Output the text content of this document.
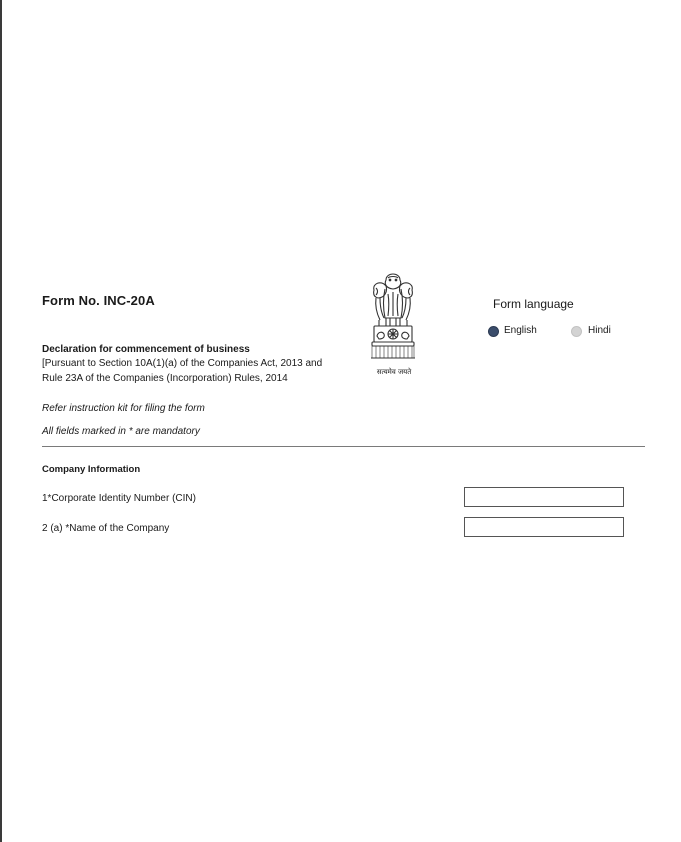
Form No. INC-20A
Declaration for commencement of business
[Pursuant to Section 10A(1)(a) of the Companies Act, 2013 and
Rule 23A of the Companies (Incorporation) Rules, 2014
Refer instruction kit for filing the form
All fields marked in * are mandatory
सत्यमेव जयते
Form language
English	Hindi
Company Information
1*Corporate Identity Number (CIN)
2 (a) *Name of the Company
